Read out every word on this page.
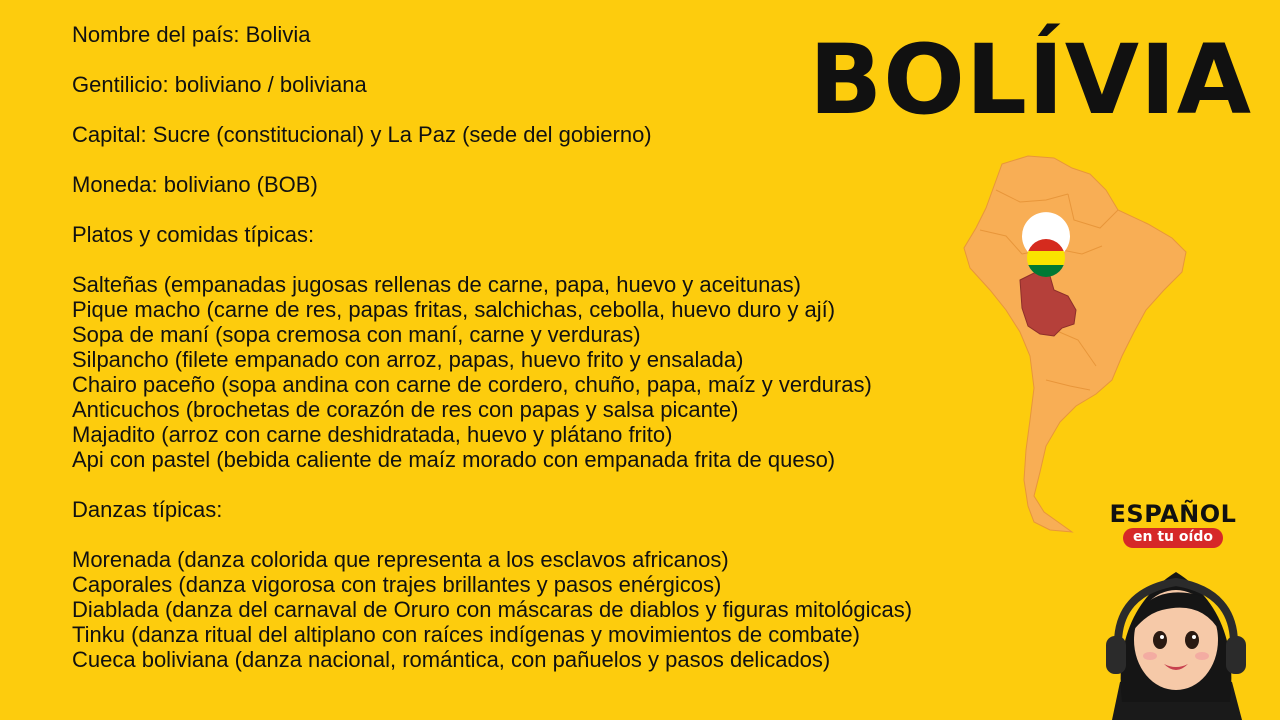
Nombre del país: Bolivia
Gentilicio: boliviano / boliviana
Capital: Sucre (constitucional) y La Paz (sede del gobierno)
Moneda: boliviano (BOB)
Platos y comidas típicas:
Salteñas (empanadas jugosas rellenas de carne, papa, huevo y aceitunas)
Pique macho (carne de res, papas fritas, salchichas, cebolla, huevo duro y ají)
Sopa de maní (sopa cremosa con maní, carne y verduras)
Silpancho (filete empanado con arroz, papas, huevo frito y ensalada)
Chairo paceño (sopa andina con carne de cordero, chuño, papa, maíz y verduras)
Anticuchos (brochetas de corazón de res con papas y salsa picante)
Majadito (arroz con carne deshidratada, huevo y plátano frito)
Api con pastel (bebida caliente de maíz morado con empanada frita de queso)
Danzas típicas:
Morenada (danza colorida que representa a los esclavos africanos)
Caporales (danza vigorosa con trajes brillantes y pasos enérgicos)
Diablada (danza del carnaval de Oruro con máscaras de diablos y figuras mitológicas)
Tinku (danza ritual del altiplano con raíces indígenas y movimientos de combate)
Cueca boliviana (danza nacional, romántica, con pañuelos y pasos delicados)
BOLÍVIA
ESPAÑOL
en tu oído
